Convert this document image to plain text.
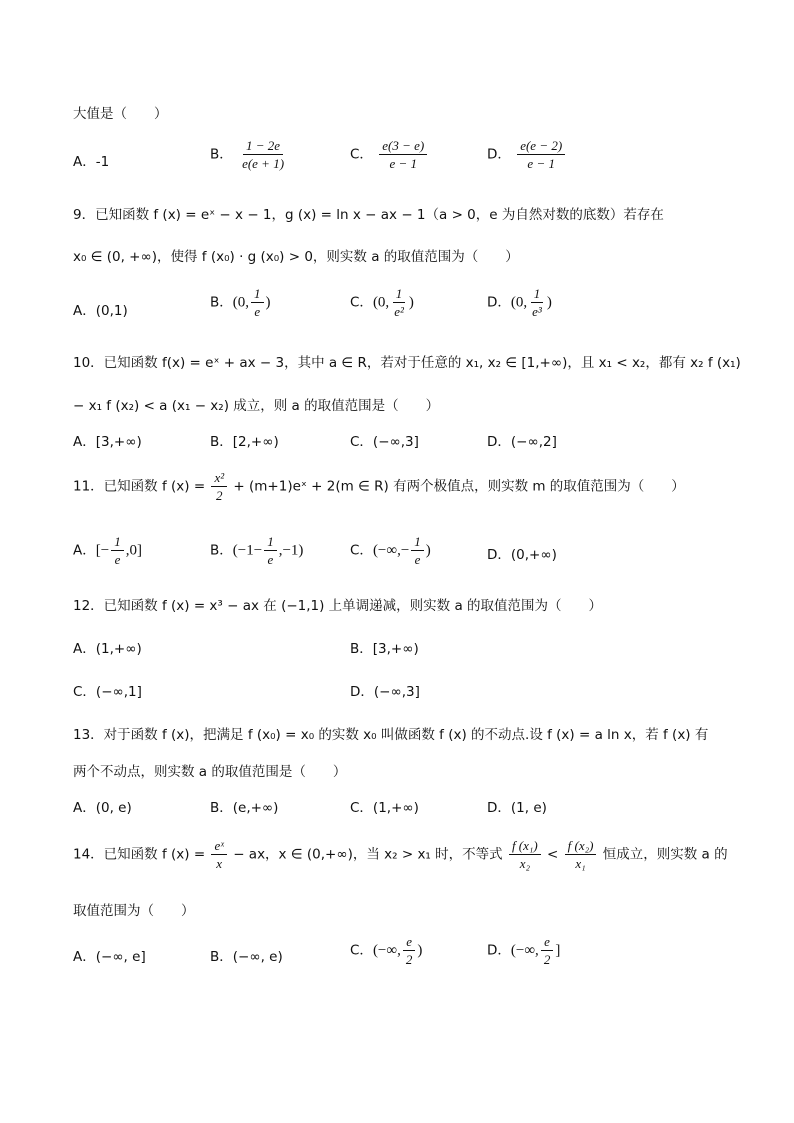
大值是（　　）
A．-1	B． $\frac{1 - 2e}{e(e + 1)}$	C． $\frac{e(3 - e)}{e - 1}$	D． $\frac{e(e - 2)}{e - 1}$
9．已知函数 f (x) = eˣ − x − 1，g (x) = ln x − ax − 1（a > 0，e 为自然对数的底数）若存在
x₀ ∈ (0, +∞)，使得 f (x₀) · g (x₀) > 0，则实数 a 的取值范围为（　　）
A．(0,1)
B．(0, $\frac{1}{e}$ )	C．(0, $\frac{1}{\text{e²}}$ )	D．(0, $\frac{1}{\text{e³}}$ )
10．已知函数 f(x) = eˣ + ax − 3，其中 a ∈ R，若对于任意的 x₁, x₂ ∈ [1,+∞)，且 x₁ < x₂，都有 x₂ f (x₁)
− x₁ f (x₂) < a (x₁ − x₂) 成立，则 a 的取值范围是（　　）
A．[3,+∞)	B．[2,+∞)	C．(−∞,3]	D．(−∞,2]
11．已知函数 f $(x) = \frac{\text{x²}}{2}$ + (m+1)eˣ + 2(m ∈ R) 有两个极值点，则实数 m 的取值范围为（　　）
A．[− $\frac{1}{e} ,0$]	B．$(-1- \frac{1}{e} ,-1)$	C．(−∞,− $\frac{1}{e}$ )	D．(0,+∞)
12．已知函数 f (x) = x³ − ax 在 (−1,1) 上单调递减，则实数 a 的取值范围为（　　）
A．(1,+∞)	B．[3,+∞)
C．(−∞,1]	D．(−∞,3]
13．对于函数 f (x)，把满足 f (x₀) = x₀ 的实数 x₀ 叫做函数 f (x) 的不动点.设 f (x) = a ln x，若 f (x) 有
两个不动点，则实数 a 的取值范围是（　　）
A．(0, e)	B．(e,+∞)	C．(1,+∞)	D．(1, e)
14．已知函数 f $(x) = \frac{\text{eˣ}}{x}$ − ax，x ∈ (0,+∞)，当 x₂ > x₁ 时，不等式 $\frac{\text{f (x₁)}}{\text{x₂}} < \frac{\text{f (x₂)}}{\text{x₁}}$ 恒成立，则实数 a 的
取值范围为（　　）
A．(−∞, e]	B．(−∞, e)	C．(−∞, $\frac{e}{2}$ )	D．(−∞, $\frac{e}{2}$ ]
